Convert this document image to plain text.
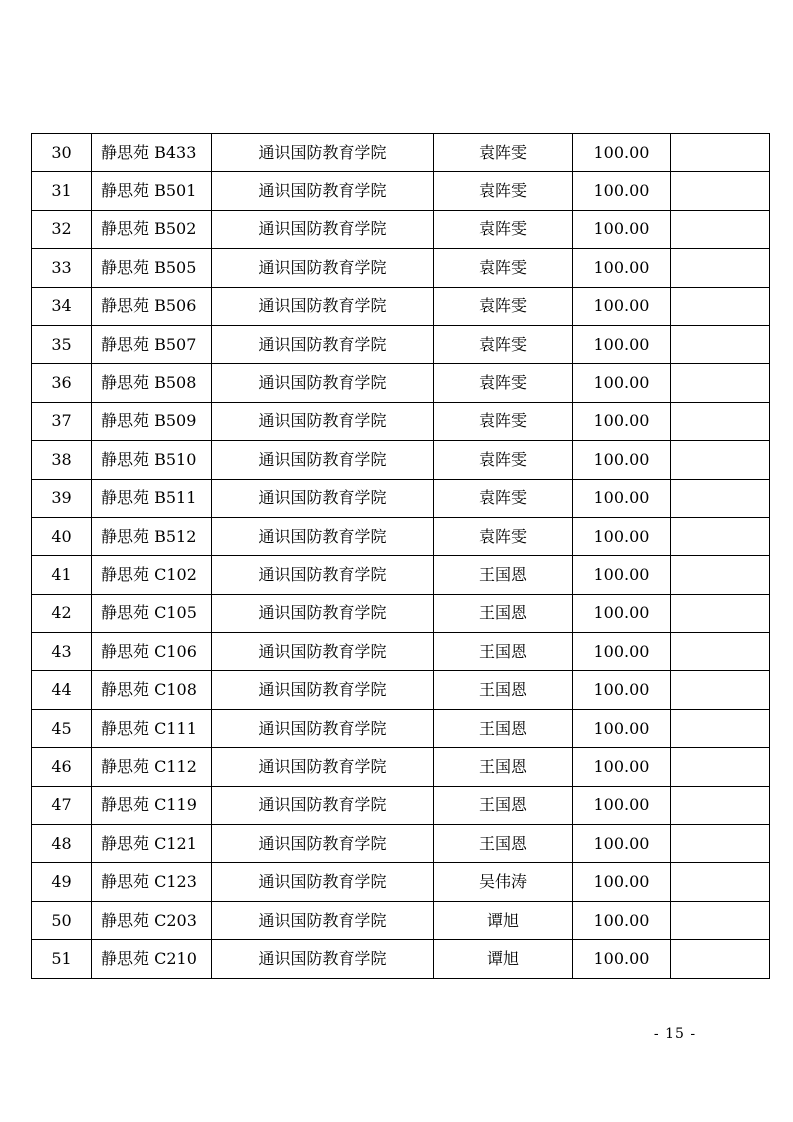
30	静思苑 B433	通识国防教育学院	袁阵雯	100.00	
31	静思苑 B501	通识国防教育学院	袁阵雯	100.00	
32	静思苑 B502	通识国防教育学院	袁阵雯	100.00	
33	静思苑 B505	通识国防教育学院	袁阵雯	100.00	
34	静思苑 B506	通识国防教育学院	袁阵雯	100.00	
35	静思苑 B507	通识国防教育学院	袁阵雯	100.00	
36	静思苑 B508	通识国防教育学院	袁阵雯	100.00	
37	静思苑 B509	通识国防教育学院	袁阵雯	100.00	
38	静思苑 B510	通识国防教育学院	袁阵雯	100.00	
39	静思苑 B511	通识国防教育学院	袁阵雯	100.00	
40	静思苑 B512	通识国防教育学院	袁阵雯	100.00	
41	静思苑 C102	通识国防教育学院	王国恩	100.00	
42	静思苑 C105	通识国防教育学院	王国恩	100.00	
43	静思苑 C106	通识国防教育学院	王国恩	100.00	
44	静思苑 C108	通识国防教育学院	王国恩	100.00	
45	静思苑 C111	通识国防教育学院	王国恩	100.00	
46	静思苑 C112	通识国防教育学院	王国恩	100.00	
47	静思苑 C119	通识国防教育学院	王国恩	100.00	
48	静思苑 C121	通识国防教育学院	王国恩	100.00	
49	静思苑 C123	通识国防教育学院	吴伟涛	100.00	
50	静思苑 C203	通识国防教育学院	谭旭	100.00	
51	静思苑 C210	通识国防教育学院	谭旭	100.00	
- 15 -
